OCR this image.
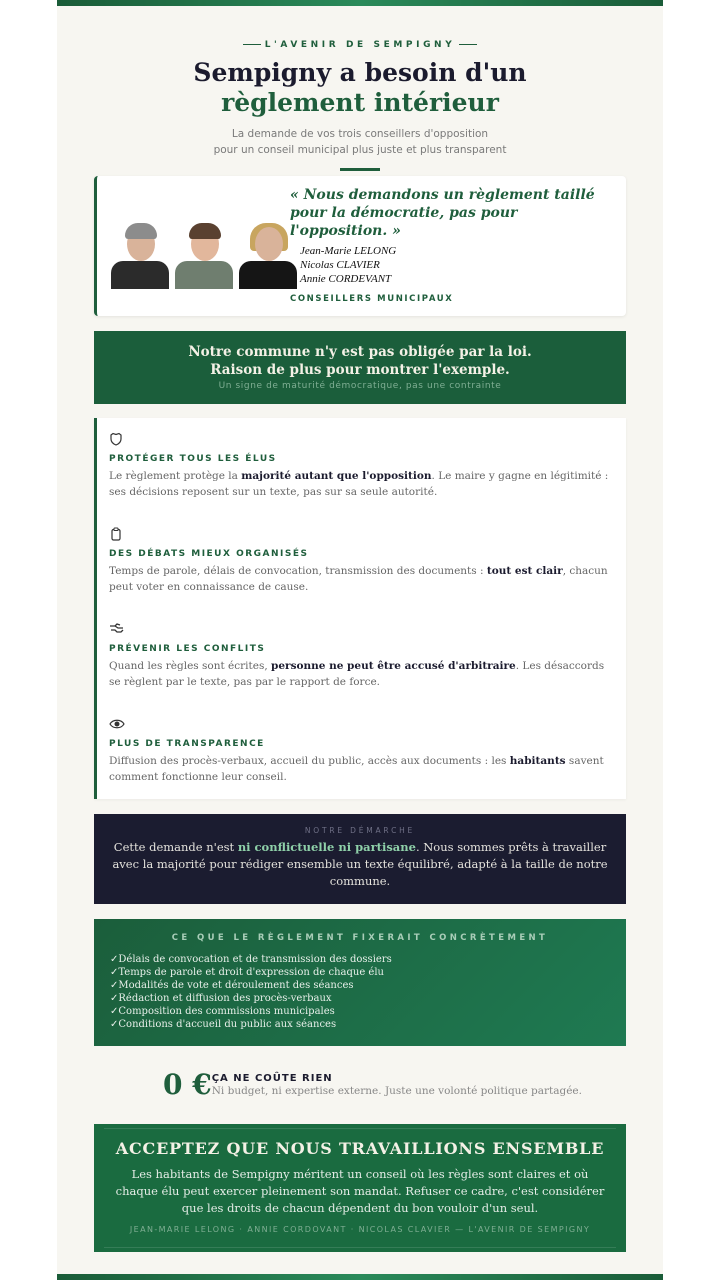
L'AVENIR DE SEMPIGNY
Sempigny a besoin d'un
règlement intérieur
La demande de vos trois conseillers d'opposition
pour un conseil municipal plus juste et plus transparent
« Nous demandons un règlement taillé pour la démocratie, pas pour l'opposition. »
Jean-Marie LELONG
Nicolas CLAVIER
Annie CORDEVANT
CONSEILLERS MUNICIPAUX
Notre commune n'y est pas obligée par la loi.
Raison de plus pour montrer l'exemple.
Un signe de maturité démocratique, pas une contrainte
PROTÉGER TOUS LES ÉLUS
Le règlement protège la majorité autant que l'opposition. Le maire y gagne en légitimité : ses décisions reposent sur un texte, pas sur sa seule autorité.
DES DÉBATS MIEUX ORGANISÉS
Temps de parole, délais de convocation, transmission des documents : tout est clair, chacun peut voter en connaissance de cause.
PRÉVENIR LES CONFLITS
Quand les règles sont écrites, personne ne peut être accusé d'arbitraire. Les désaccords se règlent par le texte, pas par le rapport de force.
PLUS DE TRANSPARENCE
Diffusion des procès-verbaux, accueil du public, accès aux documents : les habitants savent comment fonctionne leur conseil.
NOTRE DÉMARCHE
Cette demande n'est ni conflictuelle ni partisane. Nous sommes prêts à travailler avec la majorité pour rédiger ensemble un texte équilibré, adapté à la taille de notre commune.
CE QUE LE RÈGLEMENT FIXERAIT CONCRÈTEMENT
✓Délais de convocation et de transmission des dossiers
✓Temps de parole et droit d'expression de chaque élu
✓Modalités de vote et déroulement des séances
✓Rédaction et diffusion des procès-verbaux
✓Composition des commissions municipales
✓Conditions d'accueil du public aux séances
0 € ÇA NE COÛTE RIEN
Ni budget, ni expertise externe. Juste une volonté politique partagée.
ACCEPTEZ QUE NOUS TRAVAILLIONS ENSEMBLE
Les habitants de Sempigny méritent un conseil où les règles sont claires et où chaque élu peut exercer pleinement son mandat. Refuser ce cadre, c'est considérer que les droits de chacun dépendent du bon vouloir d'un seul.
JEAN-MARIE LELONG · ANNIE CORDOVANT · NICOLAS CLAVIER — L'AVENIR DE SEMPIGNY
